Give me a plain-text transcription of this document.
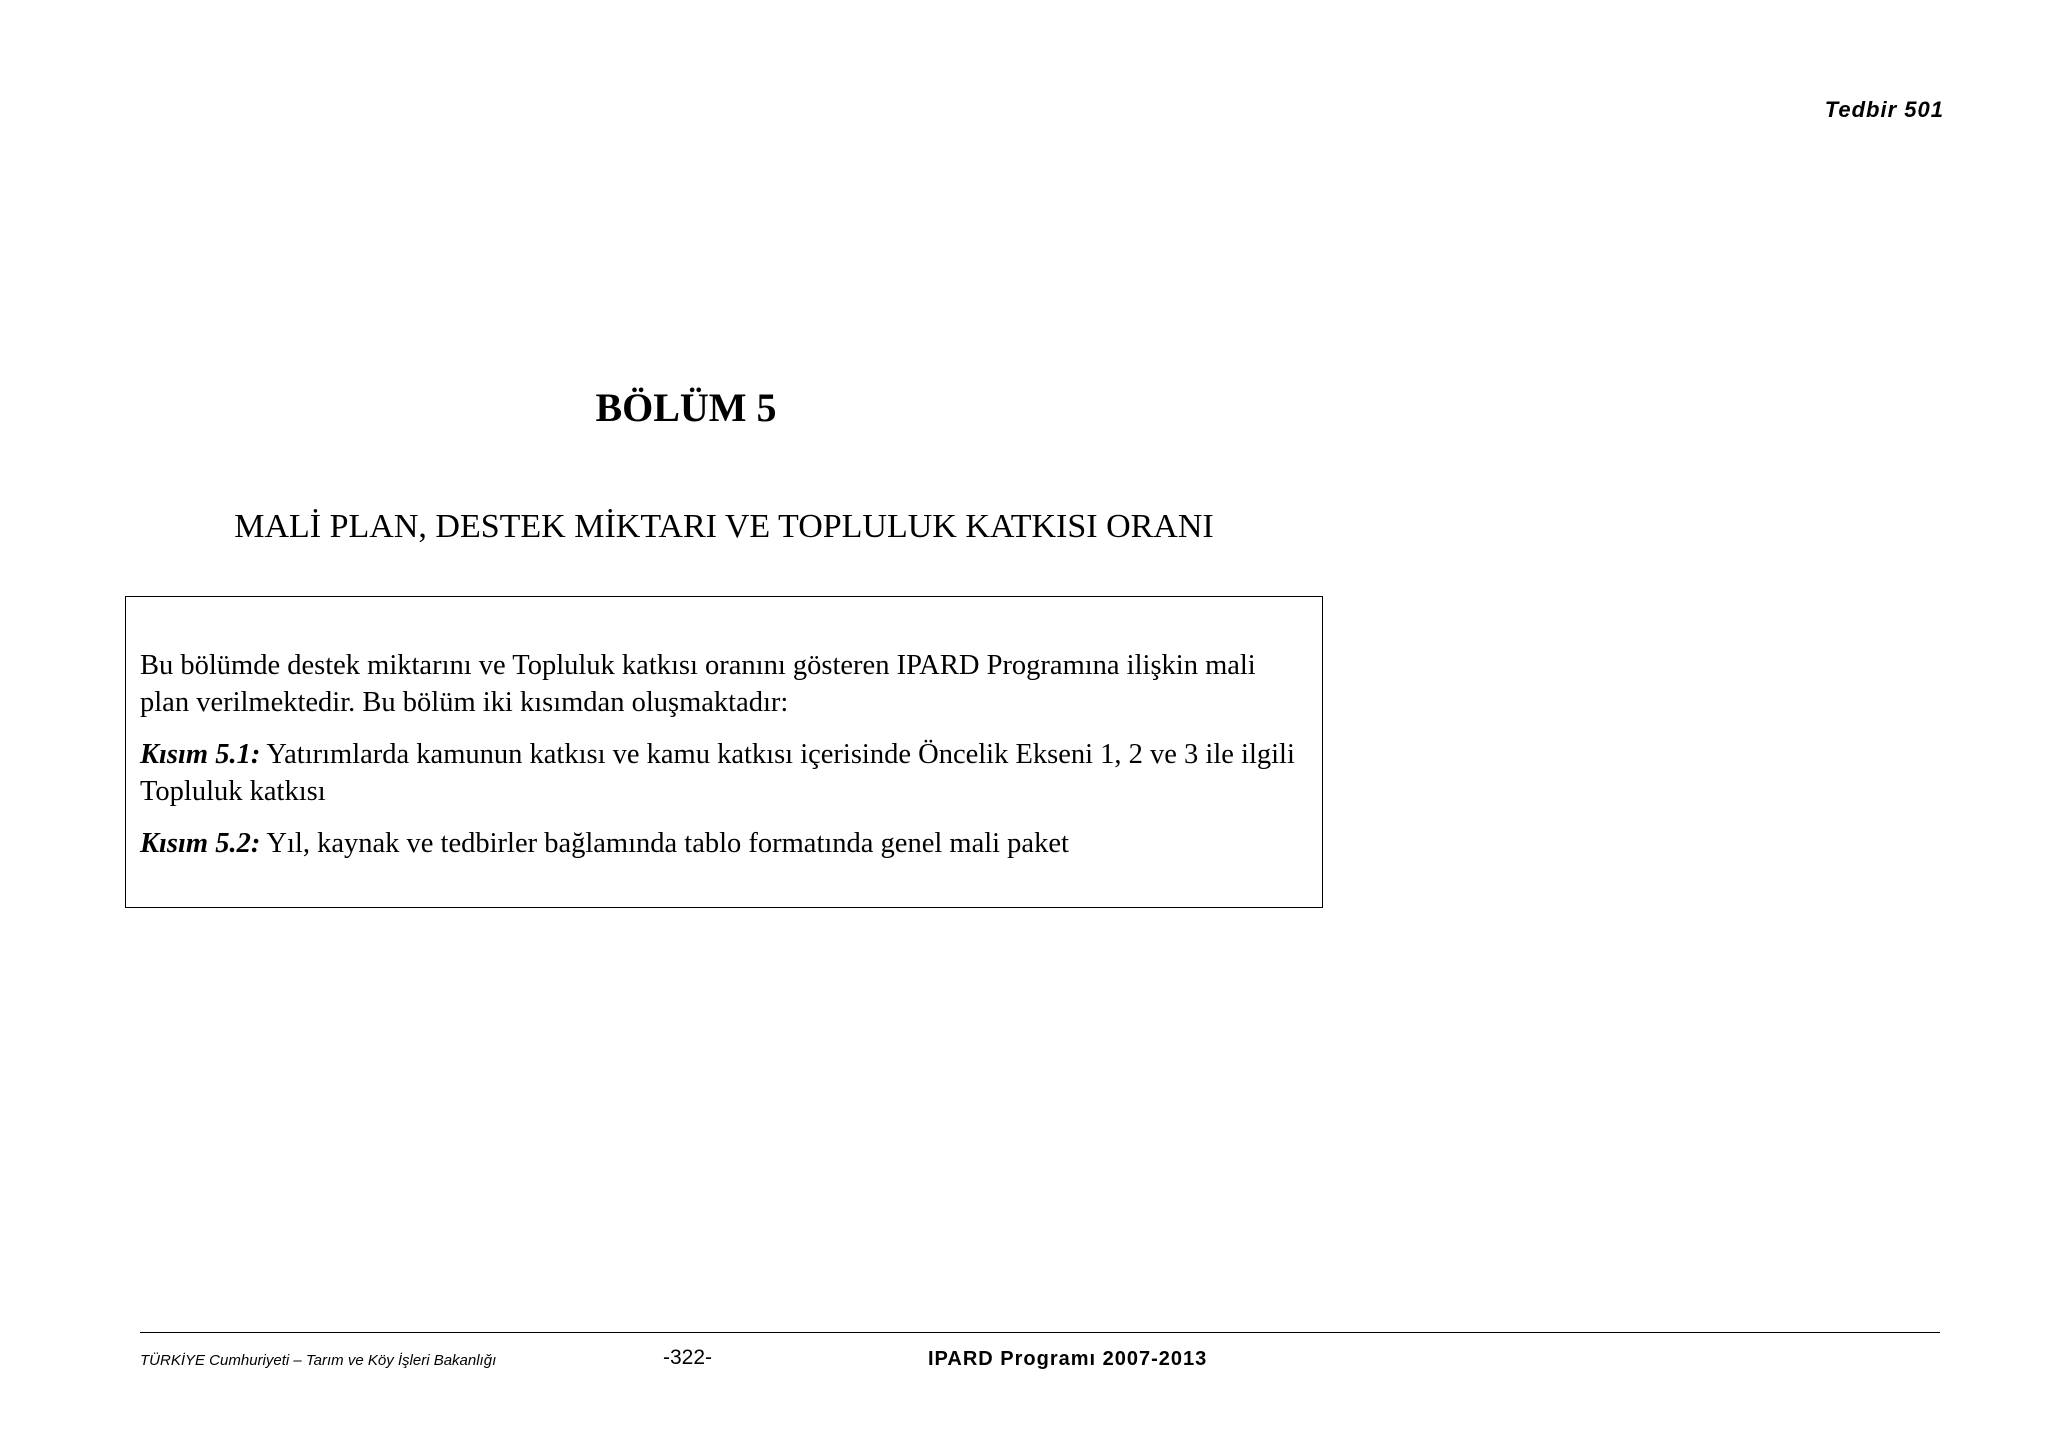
Tedbir 501
BÖLÜM 5
MALİ PLAN, DESTEK MİKTARI VE TOPLULUK KATKISI ORANI

Bu bölümde destek miktarını ve Topluluk katkısı oranını gösteren IPARD Programına ilişkin mali plan verilmektedir. Bu bölüm iki kısımdan oluşmaktadır:

Kısım 5.1: Yatırımlarda kamunun katkısı ve kamu katkısı içerisinde Öncelik Ekseni 1, 2 ve 3 ile ilgili Topluluk katkısı

Kısım 5.2: Yıl, kaynak ve tedbirler bağlamında tablo formatında genel mali paket

TÜRKİYE Cumhuriyeti – Tarım ve Köy İşleri Bakanlığı	-322-	IPARD Programı 2007-2013
